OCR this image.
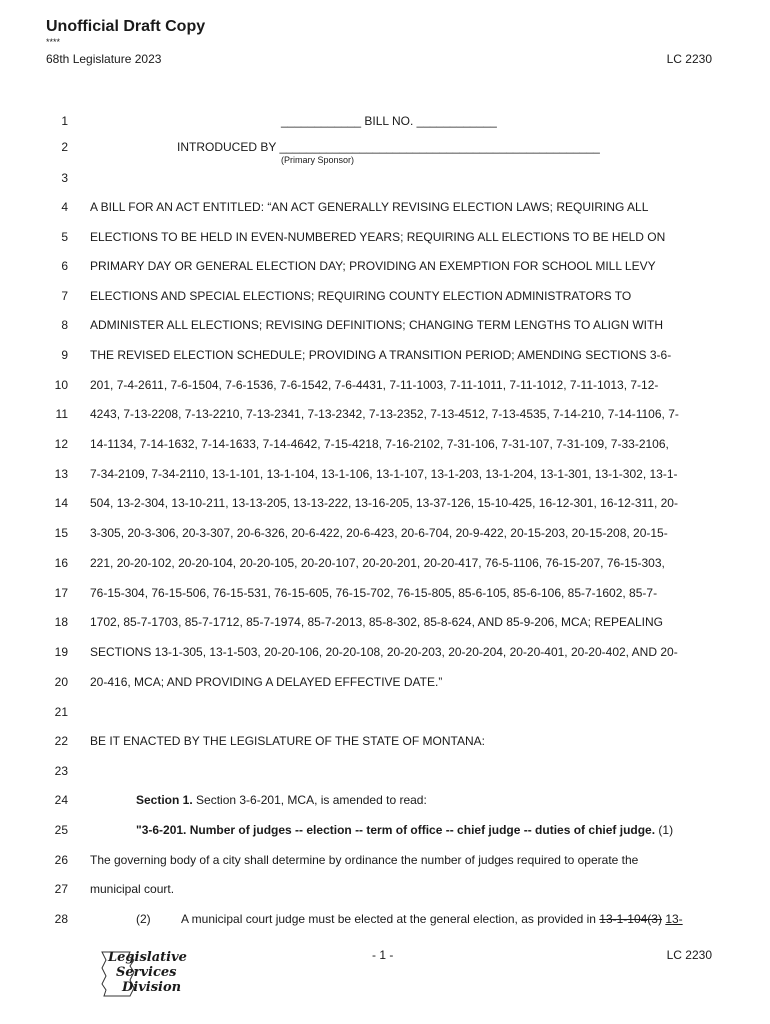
Unofficial Draft Copy
****
68th Legislature 2023	LC 2230
1	____________ BILL NO. ____________
2	INTRODUCED BY ________________________________________________
(Primary Sponsor)
3
4 A BILL FOR AN ACT ENTITLED: “AN ACT GENERALLY REVISING ELECTION LAWS; REQUIRING ALL
5 ELECTIONS TO BE HELD IN EVEN-NUMBERED YEARS; REQUIRING ALL ELECTIONS TO BE HELD ON
6 PRIMARY DAY OR GENERAL ELECTION DAY; PROVIDING AN EXEMPTION FOR SCHOOL MILL LEVY
7 ELECTIONS AND SPECIAL ELECTIONS; REQUIRING COUNTY ELECTION ADMINISTRATORS TO
8 ADMINISTER ALL ELECTIONS; REVISING DEFINITIONS; CHANGING TERM LENGTHS TO ALIGN WITH
9 THE REVISED ELECTION SCHEDULE; PROVIDING A TRANSITION PERIOD; AMENDING SECTIONS 3-6-
10 201, 7-4-2611, 7-6-1504, 7-6-1536, 7-6-1542, 7-6-4431, 7-11-1003, 7-11-1011, 7-11-1012, 7-11-1013, 7-12-
11 4243, 7-13-2208, 7-13-2210, 7-13-2341, 7-13-2342, 7-13-2352, 7-13-4512, 7-13-4535, 7-14-210, 7-14-1106, 7-
12 14-1134, 7-14-1632, 7-14-1633, 7-14-4642, 7-15-4218, 7-16-2102, 7-31-106, 7-31-107, 7-31-109, 7-33-2106,
13 7-34-2109, 7-34-2110, 13-1-101, 13-1-104, 13-1-106, 13-1-107, 13-1-203, 13-1-204, 13-1-301, 13-1-302, 13-1-
14 504, 13-2-304, 13-10-211, 13-13-205, 13-13-222, 13-16-205, 13-37-126, 15-10-425, 16-12-301, 16-12-311, 20-
15 3-305, 20-3-306, 20-3-307, 20-6-326, 20-6-422, 20-6-423, 20-6-704, 20-9-422, 20-15-203, 20-15-208, 20-15-
16 221, 20-20-102, 20-20-104, 20-20-105, 20-20-107, 20-20-201, 20-20-417, 76-5-1106, 76-15-207, 76-15-303,
17 76-15-304, 76-15-506, 76-15-531, 76-15-605, 76-15-702, 76-15-805, 85-6-105, 85-6-106, 85-7-1602, 85-7-
18 1702, 85-7-1703, 85-7-1712, 85-7-1974, 85-7-2013, 85-8-302, 85-8-624, AND 85-9-206, MCA; REPEALING
19 SECTIONS 13-1-305, 13-1-503, 20-20-106, 20-20-108, 20-20-203, 20-20-204, 20-20-401, 20-20-402, AND 20-
20 20-416, MCA; AND PROVIDING A DELAYED EFFECTIVE DATE.”
21
22 BE IT ENACTED BY THE LEGISLATURE OF THE STATE OF MONTANA:
23
24	Section 1. Section 3-6-201, MCA, is amended to read:
25	"3-6-201. Number of judges -- election -- term of office -- chief judge -- duties of chief judge. (1)
26 The governing body of a city shall determine by ordinance the number of judges required to operate the
27 municipal court.
28	(2)	A municipal court judge must be elected at the general election, as provided in 13-1-104(3) 13-
Legislative
Services
Division
- 1 -	LC 2230
